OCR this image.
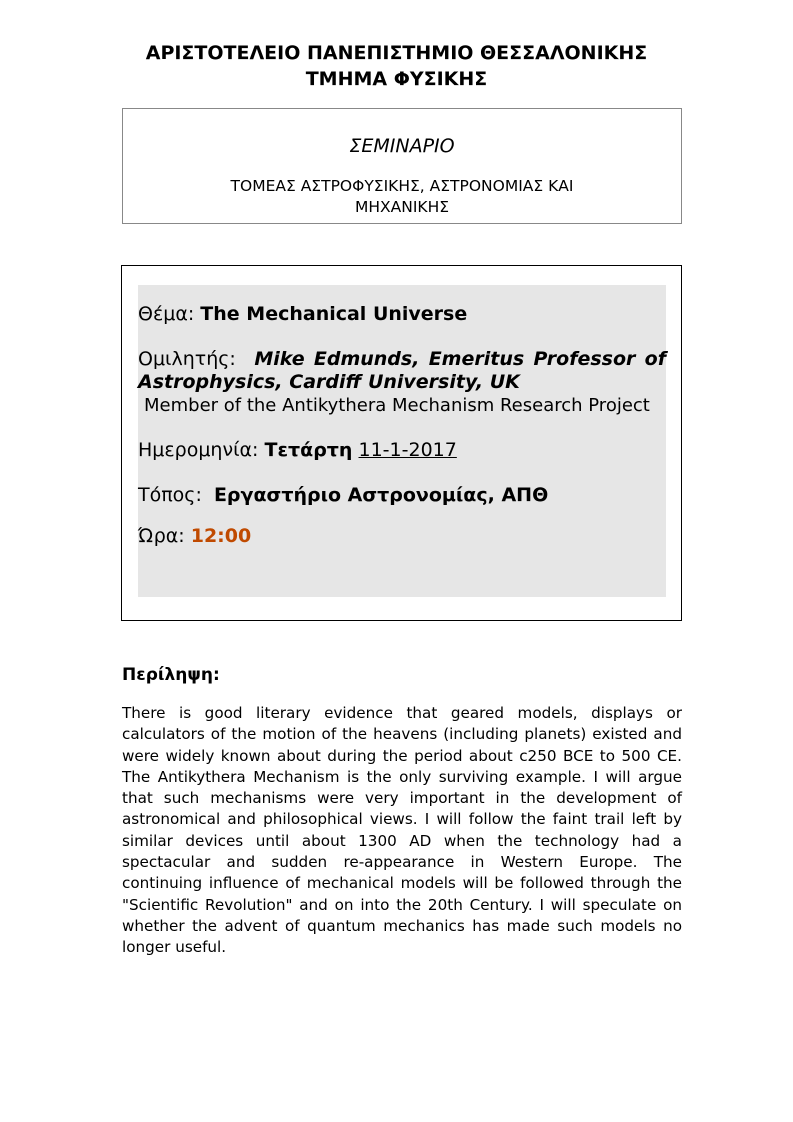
ΑΡΙΣΤΟΤΕΛΕΙΟ ΠΑΝΕΠΙΣΤΗΜΙΟ ΘΕΣΣΑΛΟΝΙΚΗΣ
ΤΜΗΜΑ ΦΥΣΙΚΗΣ
ΣΕΜΙΝΑΡΙΟ
ΤΟΜΕΑΣ ΑΣΤΡΟΦΥΣΙΚΗΣ, ΑΣΤΡΟΝΟΜΙΑΣ ΚΑΙ ΜΗΧΑΝΙΚΗΣ
Θέμα: The Mechanical Universe
Ομιλητής: Mike Edmunds, Emeritus Professor of Astrophysics, Cardiff University, UK
Member of the Antikythera Mechanism Research Project
Ημερομηνία: Τετάρτη 11-1-2017
Τόπος: Εργαστήριο Αστρονομίας, ΑΠΘ
Ώρα: 12:00
Περίληψη:
There is good literary evidence that geared models, displays or calculators of the motion of the heavens (including planets) existed and were widely known about during the period about c250 BCE to 500 CE. The Antikythera Mechanism is the only surviving example. I will argue that such mechanisms were very important in the development of astronomical and philosophical views. I will follow the faint trail left by similar devices until about 1300 AD when the technology had a spectacular and sudden re-appearance in Western Europe. The continuing influence of mechanical models will be followed through the "Scientific Revolution" and on into the 20th Century. I will speculate on whether the advent of quantum mechanics has made such models no longer useful.
